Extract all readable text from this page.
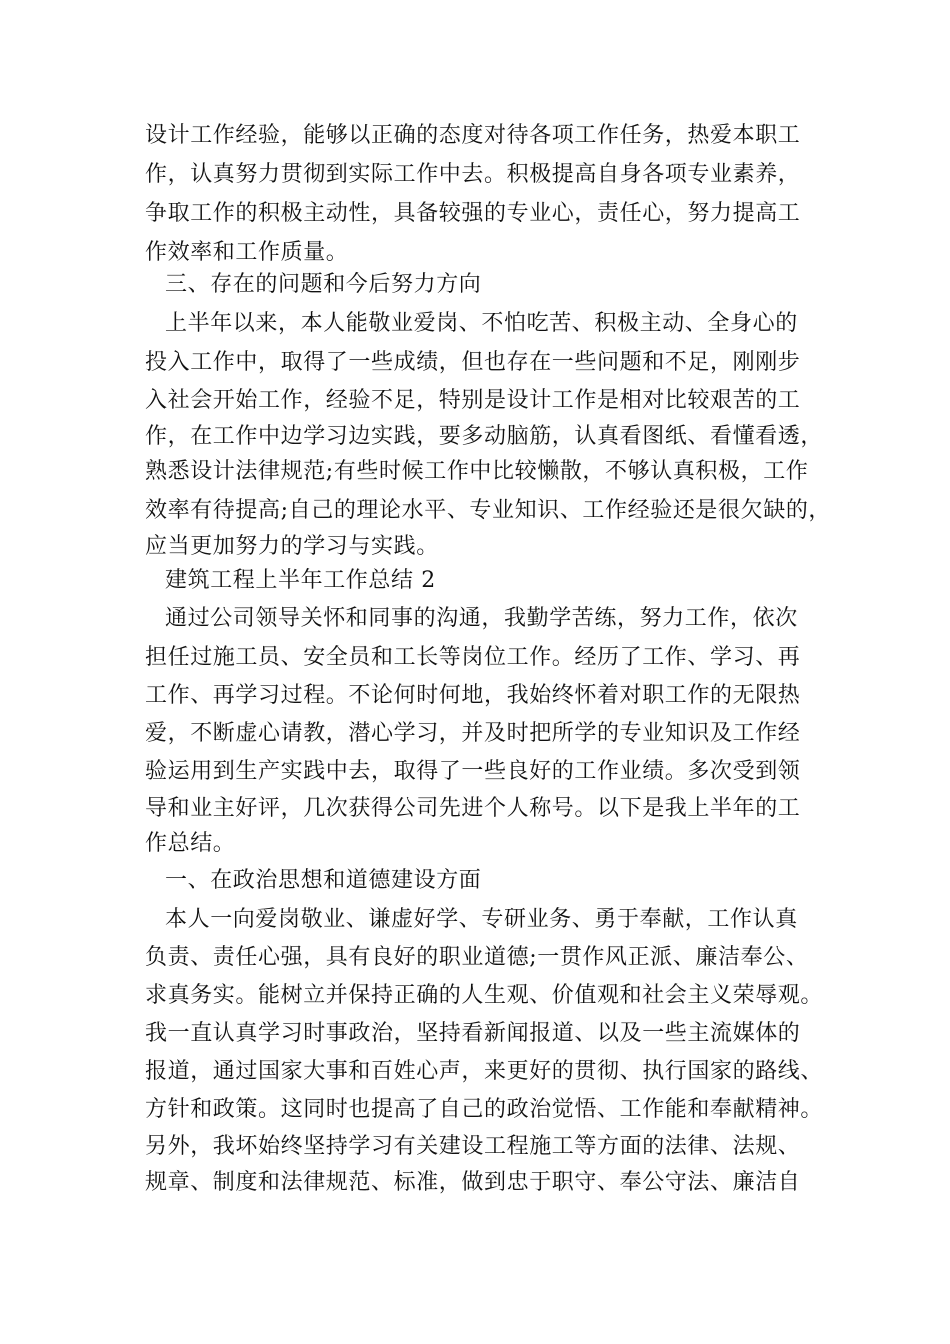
设计工作经验，能够以正确的态度对待各项工作任务，热爱本职工
作，认真努力贯彻到实际工作中去。积极提高自身各项专业素养，
争取工作的积极主动性，具备较强的专业心，责任心，努力提高工
作效率和工作质量。
三、存在的问题和今后努力方向
上半年以来，本人能敬业爱岗、不怕吃苦、积极主动、全身心的
投入工作中，取得了一些成绩，但也存在一些问题和不足，刚刚步
入社会开始工作，经验不足，特别是设计工作是相对比较艰苦的工
作，在工作中边学习边实践，要多动脑筋，认真看图纸、看懂看透，
熟悉设计法律规范;有些时候工作中比较懒散，不够认真积极，工作
效率有待提高;自己的理论水平、专业知识、工作经验还是很欠缺的，
应当更加努力的学习与实践。
建筑工程上半年工作总结 2
通过公司领导关怀和同事的沟通，我勤学苦练，努力工作，依次
担任过施工员、安全员和工长等岗位工作。经历了工作、学习、再
工作、再学习过程。不论何时何地，我始终怀着对职工作的无限热
爱，不断虚心请教，潜心学习，并及时把所学的专业知识及工作经
验运用到生产实践中去，取得了一些良好的工作业绩。多次受到领
导和业主好评，几次获得公司先进个人称号。以下是我上半年的工
作总结。
一、在政治思想和道德建设方面
本人一向爱岗敬业、谦虚好学、专研业务、勇于奉献，工作认真
负责、责任心强，具有良好的职业道德;一贯作风正派、廉洁奉公、
求真务实。能树立并保持正确的人生观、价值观和社会主义荣辱观。
我一直认真学习时事政治，坚持看新闻报道、以及一些主流媒体的
报道，通过国家大事和百姓心声，来更好的贯彻、执行国家的路线、
方针和政策。这同时也提高了自己的政治觉悟、工作能和奉献精神。
另外，我坏始终坚持学习有关建设工程施工等方面的法律、法规、
规章、制度和法律规范、标准，做到忠于职守、奉公守法、廉洁自
